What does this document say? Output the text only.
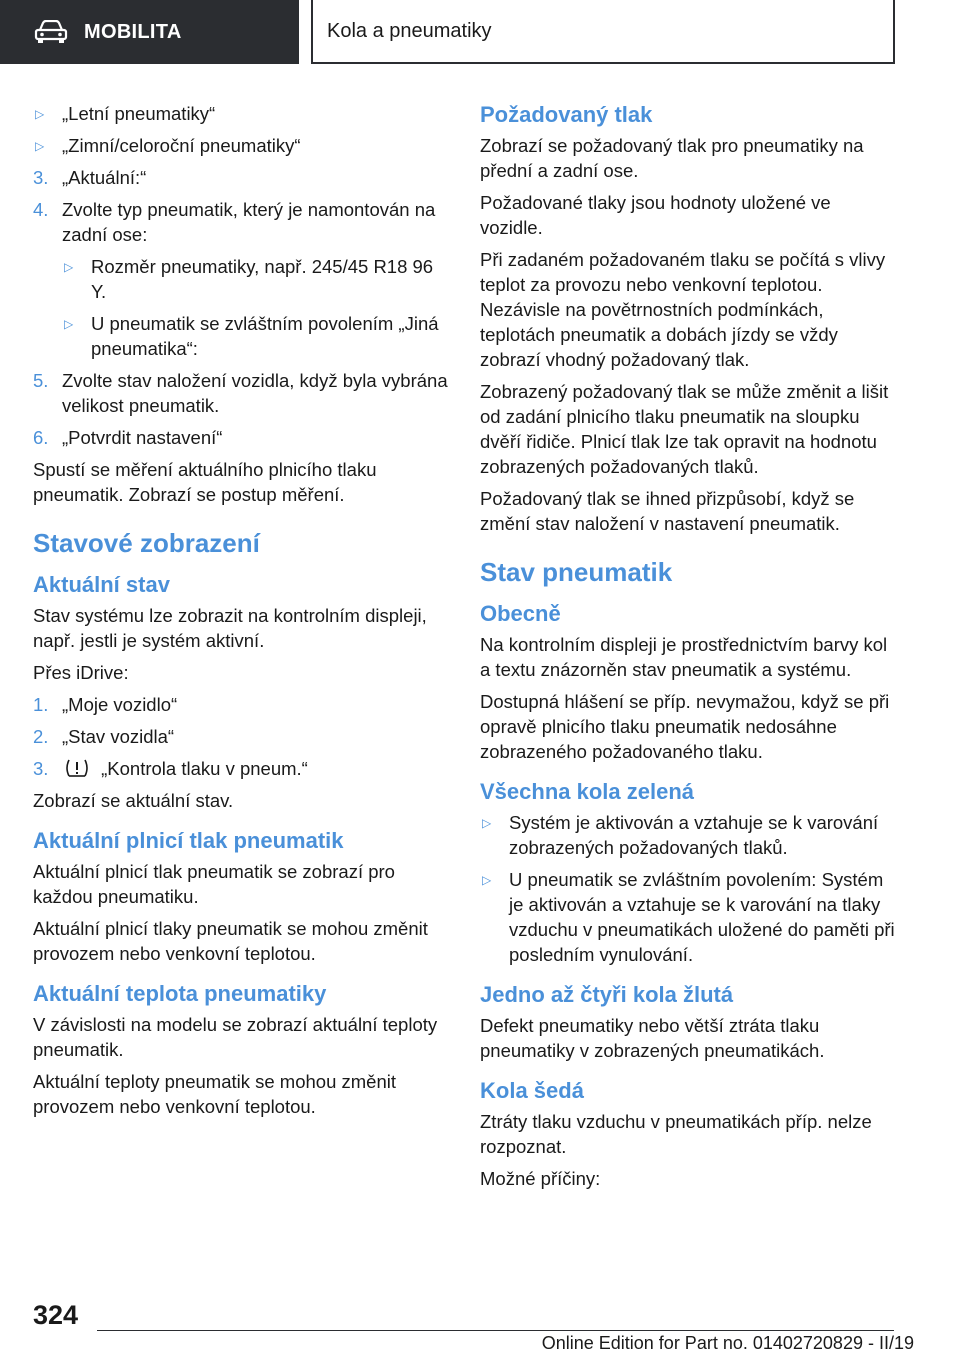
MOBILITA	Kola a pneumatiky
▷ „Letní pneumatiky“
▷ „Zimní/celoroční pneumatiky“
3. „Aktuální:“
4. Zvolte typ pneumatik, který je namontován na zadní ose:
▷ Rozměr pneumatiky, např. 245/45 R18 96 Y.
▷ U pneumatik se zvláštním povolením „Jiná pneumatika“:
5. Zvolte stav naložení vozidla, když byla vybrána velikost pneumatik.
6. „Potvrdit nastavení“

Spustí se měření aktuálního plnicího tlaku pneumatik. Zobrazí se postup měření.

Stavové zobrazení
Aktuální stav

Stav systému lze zobrazit na kontrolním displeji, např. jestli je systém aktivní.

Přes iDrive:

1. „Moje vozidlo“
2. „Stav vozidla“
3.	„Kontrola tlaku v pneum.“

Zobrazí se aktuální stav.

Aktuální plnicí tlak pneumatik

Aktuální plnicí tlak pneumatik se zobrazí pro každou pneumatiku.

Aktuální plnicí tlaky pneumatik se mohou změnit provozem nebo venkovní teplotou.

Aktuální teplota pneumatiky

V závislosti na modelu se zobrazí aktuální teploty pneumatik.

Aktuální teploty pneumatik se mohou změnit provozem nebo venkovní teplotou.

Požadovaný tlak

Zobrazí se požadovaný tlak pro pneumatiky na přední a zadní ose.

Požadované tlaky jsou hodnoty uložené ve vozidle.

Při zadaném požadovaném tlaku se počítá s vlivy teplot za provozu nebo venkovní teplotou. Nezávisle na povětrnostních podmínkách, teplotách pneumatik a dobách jízdy se vždy zobrazí vhodný požadovaný tlak.

Zobrazený požadovaný tlak se může změnit a lišit od zadání plnicího tlaku pneumatik na sloupku dvěří řidiče. Plnicí tlak lze tak opravit na hodnotu zobrazených požadovaných tlaků.

Požadovaný tlak se ihned přizpůsobí, když se změní stav naložení v nastavení pneumatik.

Stav pneumatik
Obecně

Na kontrolním displeji je prostřednictvím barvy kol a textu znázorněn stav pneumatik a systému.

Dostupná hlášení se příp. nevymažou, když se při opravě plnicího tlaku pneumatik nedosáhne zobrazeného požadovaného tlaku.

Všechna kola zelená
▷ Systém je aktivován a vztahuje se k varování zobrazených požadovaných tlaků.
▷ U pneumatik se zvláštním povolením: Systém je aktivován a vztahuje se k varování na tlaky vzduchu v pneumatikách uložené do paměti při posledním vynulování.
Jedno až čtyři kola žlutá

Defekt pneumatiky nebo větší ztráta tlaku pneumatiky v zobrazených pneumatikách.

Kola šedá

Ztráty tlaku vzduchu v pneumatikách příp. nelze rozpoznat.

Možné příčiny:

324
Online Edition for Part no. 01402720829 - II/19
